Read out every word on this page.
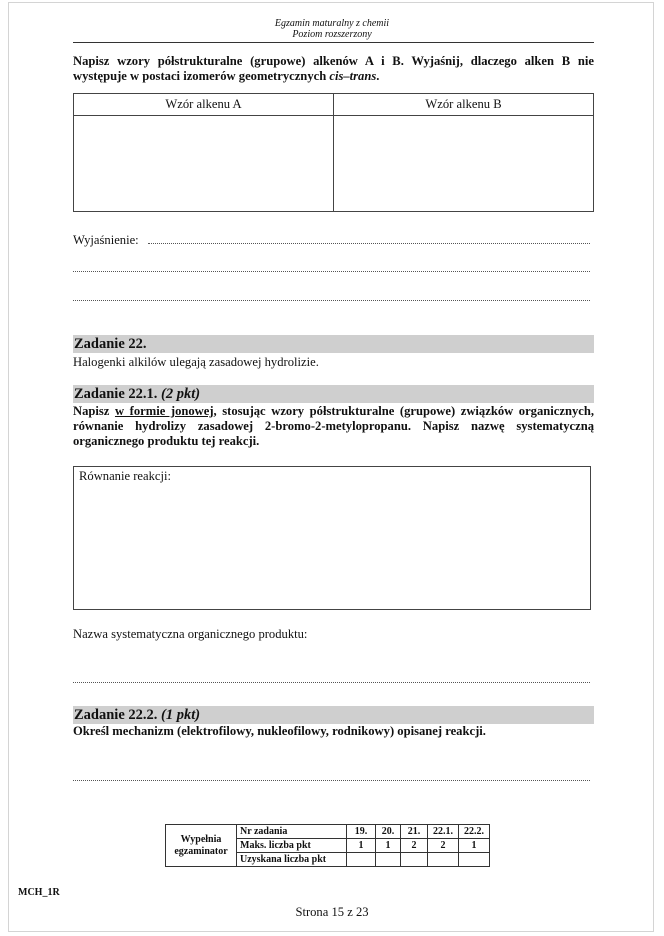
Egzamin maturalny z chemii
Poziom rozszerzony

Napisz wzory półstrukturalne (grupowe) alkenów A i B. Wyjaśnij, dlaczego alken B nie występuje w postaci izomerów geometrycznych cis–trans.

Wzór alkenu A	Wzór alkenu B

Wyjaśnienie:
Zadanie 22.
Halogenki alkilów ulegają zasadowej hydrolizie.
Zadanie 22.1. (2 pkt)

Napisz w formie jonowej, stosując wzory półstrukturalne (grupowe) związków organicznych, równanie hydrolizy zasadowej 2-bromo-2-metylopropanu. Napisz nazwę systematyczną organicznego produktu tej reakcji.

Równanie reakcji:
Nazwa systematyczna organicznego produktu:
Zadanie 22.2. (1 pkt)

Określ mechanizm (elektrofilowy, nukleofilowy, rodnikowy) opisanej reakcji.

Wypełnia
egzaminator	Nr zadania	19.	20.	21.	22.1.	22.2.
	Maks. liczba pkt	1	1	2	2	1
	Uzyskana liczba pkt					
MCH_1R
Strona 15 z 23
